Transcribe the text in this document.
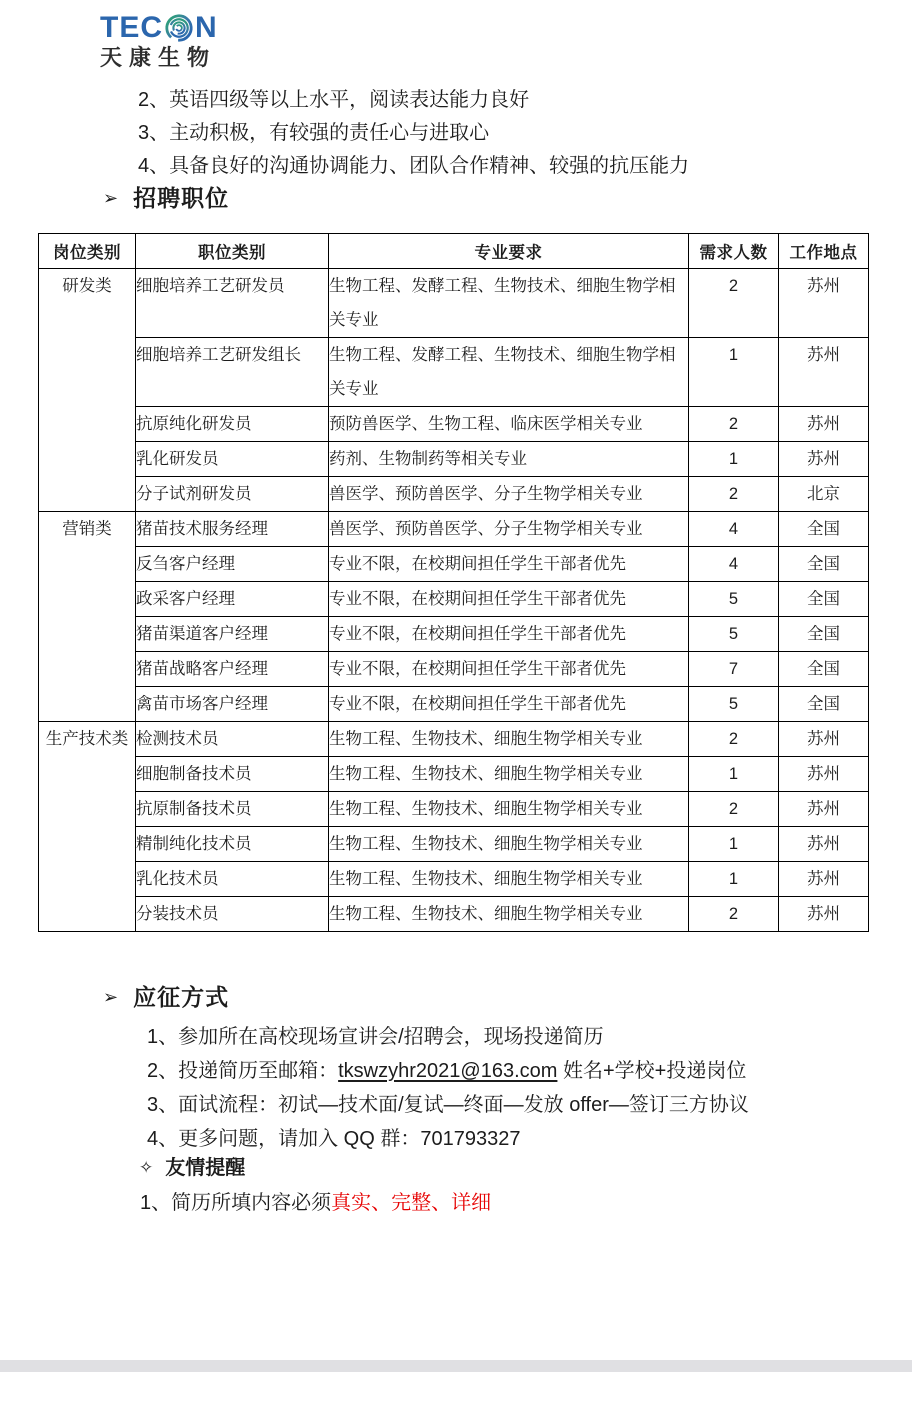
TEC N
天康生物
2、英语四级等以上水平，阅读表达能力良好
3、主动积极，有较强的责任心与进取心
4、具备良好的沟通协调能力、团队合作精神、较强的抗压能力
➢ 招聘职位
岗位类别	职位类别	专业要求	需求人数	工作地点
研发类	细胞培养工艺研发员	生物工程、发酵工程、生物技术、细胞生物学相关专业	2	苏州
	细胞培养工艺研发组长	生物工程、发酵工程、生物技术、细胞生物学相关专业	1	苏州
	抗原纯化研发员	预防兽医学、生物工程、临床医学相关专业	2	苏州
	乳化研发员	药剂、生物制药等相关专业	1	苏州
	分子试剂研发员	兽医学、预防兽医学、分子生物学相关专业	2	北京
营销类	猪苗技术服务经理	兽医学、预防兽医学、分子生物学相关专业	4	全国
	反刍客户经理	专业不限，在校期间担任学生干部者优先	4	全国
	政采客户经理	专业不限，在校期间担任学生干部者优先	5	全国
	猪苗渠道客户经理	专业不限，在校期间担任学生干部者优先	5	全国
	猪苗战略客户经理	专业不限，在校期间担任学生干部者优先	7	全国
	禽苗市场客户经理	专业不限，在校期间担任学生干部者优先	5	全国
生产技术类	检测技术员	生物工程、生物技术、细胞生物学相关专业	2	苏州
	细胞制备技术员	生物工程、生物技术、细胞生物学相关专业	1	苏州
	抗原制备技术员	生物工程、生物技术、细胞生物学相关专业	2	苏州
	精制纯化技术员	生物工程、生物技术、细胞生物学相关专业	1	苏州
	乳化技术员	生物工程、生物技术、细胞生物学相关专业	1	苏州
	分装技术员	生物工程、生物技术、细胞生物学相关专业	2	苏州
➢ 应征方式
1、参加所在高校现场宣讲会/招聘会，现场投递简历
2、投递简历至邮箱：tkswzyhr2021@163.com 姓名+学校+投递岗位
3、面试流程：初试—技术面/复试—终面—发放 offer—签订三方协议
4、更多问题，请加入 QQ 群：701793327
✧ 友情提醒
1、简历所填内容必须真实、完整、详细
